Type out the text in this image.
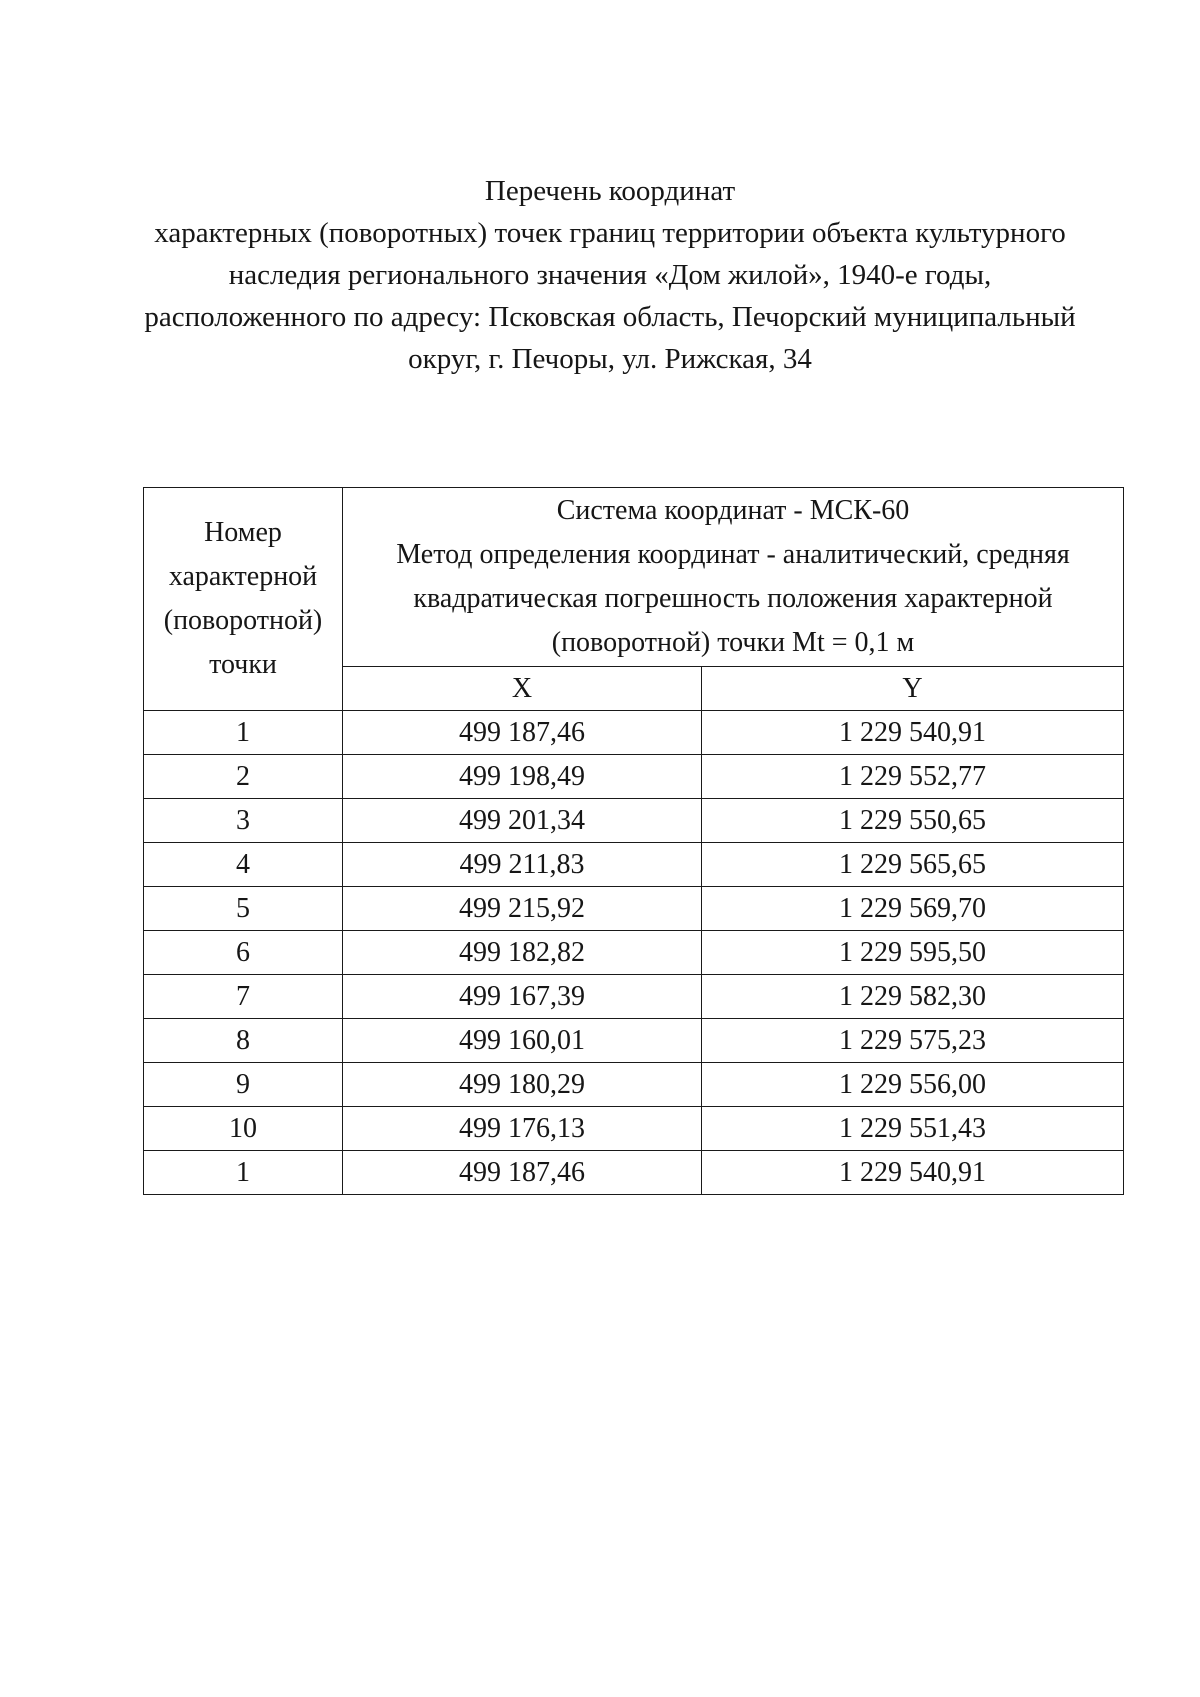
Перечень координат
характерных (поворотных) точек границ территории объекта культурного
наследия регионального значения «Дом жилой», 1940-е годы,
расположенного по адресу: Псковская область, Печорский муниципальный
округ, г. Печоры, ул. Рижская, 34
Номер
характерной
(поворотной)
точки	Система координат - МСК-60
Метод определения координат - аналитический, средняя
квадратическая погрешность положения характерной
(поворотной) точки Mt = 0,1 м	

	X	Y
1	499 187,46	1 229 540,91
2	499 198,49	1 229 552,77
3	499 201,34	1 229 550,65
4	499 211,83	1 229 565,65
5	499 215,92	1 229 569,70
6	499 182,82	1 229 595,50
7	499 167,39	1 229 582,30
8	499 160,01	1 229 575,23
9	499 180,29	1 229 556,00
10	499 176,13	1 229 551,43
1	499 187,46	1 229 540,91
